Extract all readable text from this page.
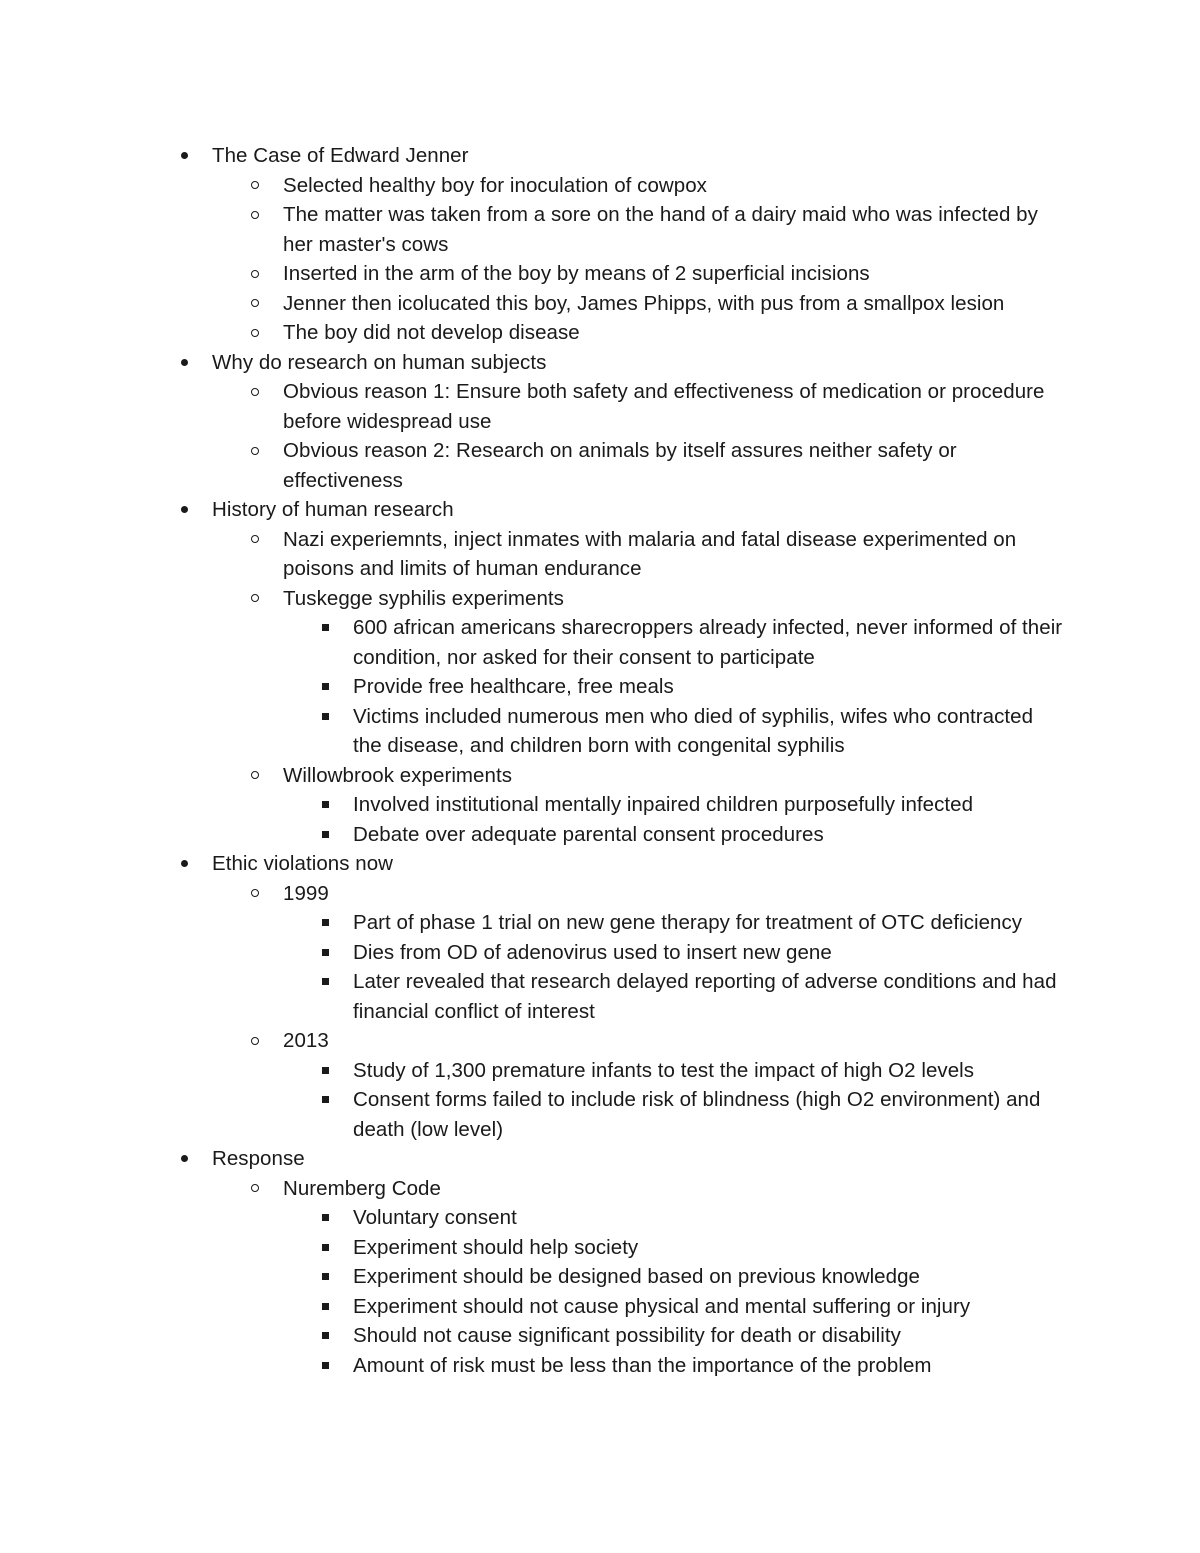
The Case of Edward Jenner
Selected healthy boy for inoculation of cowpox
The matter was taken from a sore on the hand of a dairy maid who was infected by her master's cows
Inserted in the arm of the boy by means of 2 superficial incisions
Jenner then icolucated this boy, James Phipps, with pus from a smallpox lesion
The boy did not develop disease
Why do research on human subjects
Obvious reason 1: Ensure both safety and effectiveness of medication or procedure before widespread use
Obvious reason 2: Research on animals by itself assures neither safety or effectiveness
History of human research
Nazi experiemnts, inject inmates with malaria and fatal disease experimented on poisons and limits of human endurance
Tuskegge syphilis experiments
600 african americans sharecroppers already infected, never informed of their condition, nor asked for their consent to participate
Provide free healthcare, free meals
Victims included numerous men who died of syphilis, wifes who contracted the disease, and children born with congenital syphilis
Willowbrook experiments
Involved institutional mentally inpaired children purposefully infected
Debate over adequate parental consent procedures
Ethic violations now
1999
Part of phase 1 trial on new gene therapy for treatment of OTC deficiency
Dies from OD of adenovirus used to insert new gene
Later revealed that research delayed reporting of adverse conditions and had financial conflict of interest
2013
Study of 1,300 premature infants to test the impact of high O2 levels
Consent forms failed to include risk of blindness (high O2 environment) and death (low level)
Response
Nuremberg Code
Voluntary consent
Experiment should help society
Experiment should be designed based on previous knowledge
Experiment should not cause physical and mental suffering or injury
Should not cause significant possibility for death or disability
Amount of risk must be less than the importance of the problem
